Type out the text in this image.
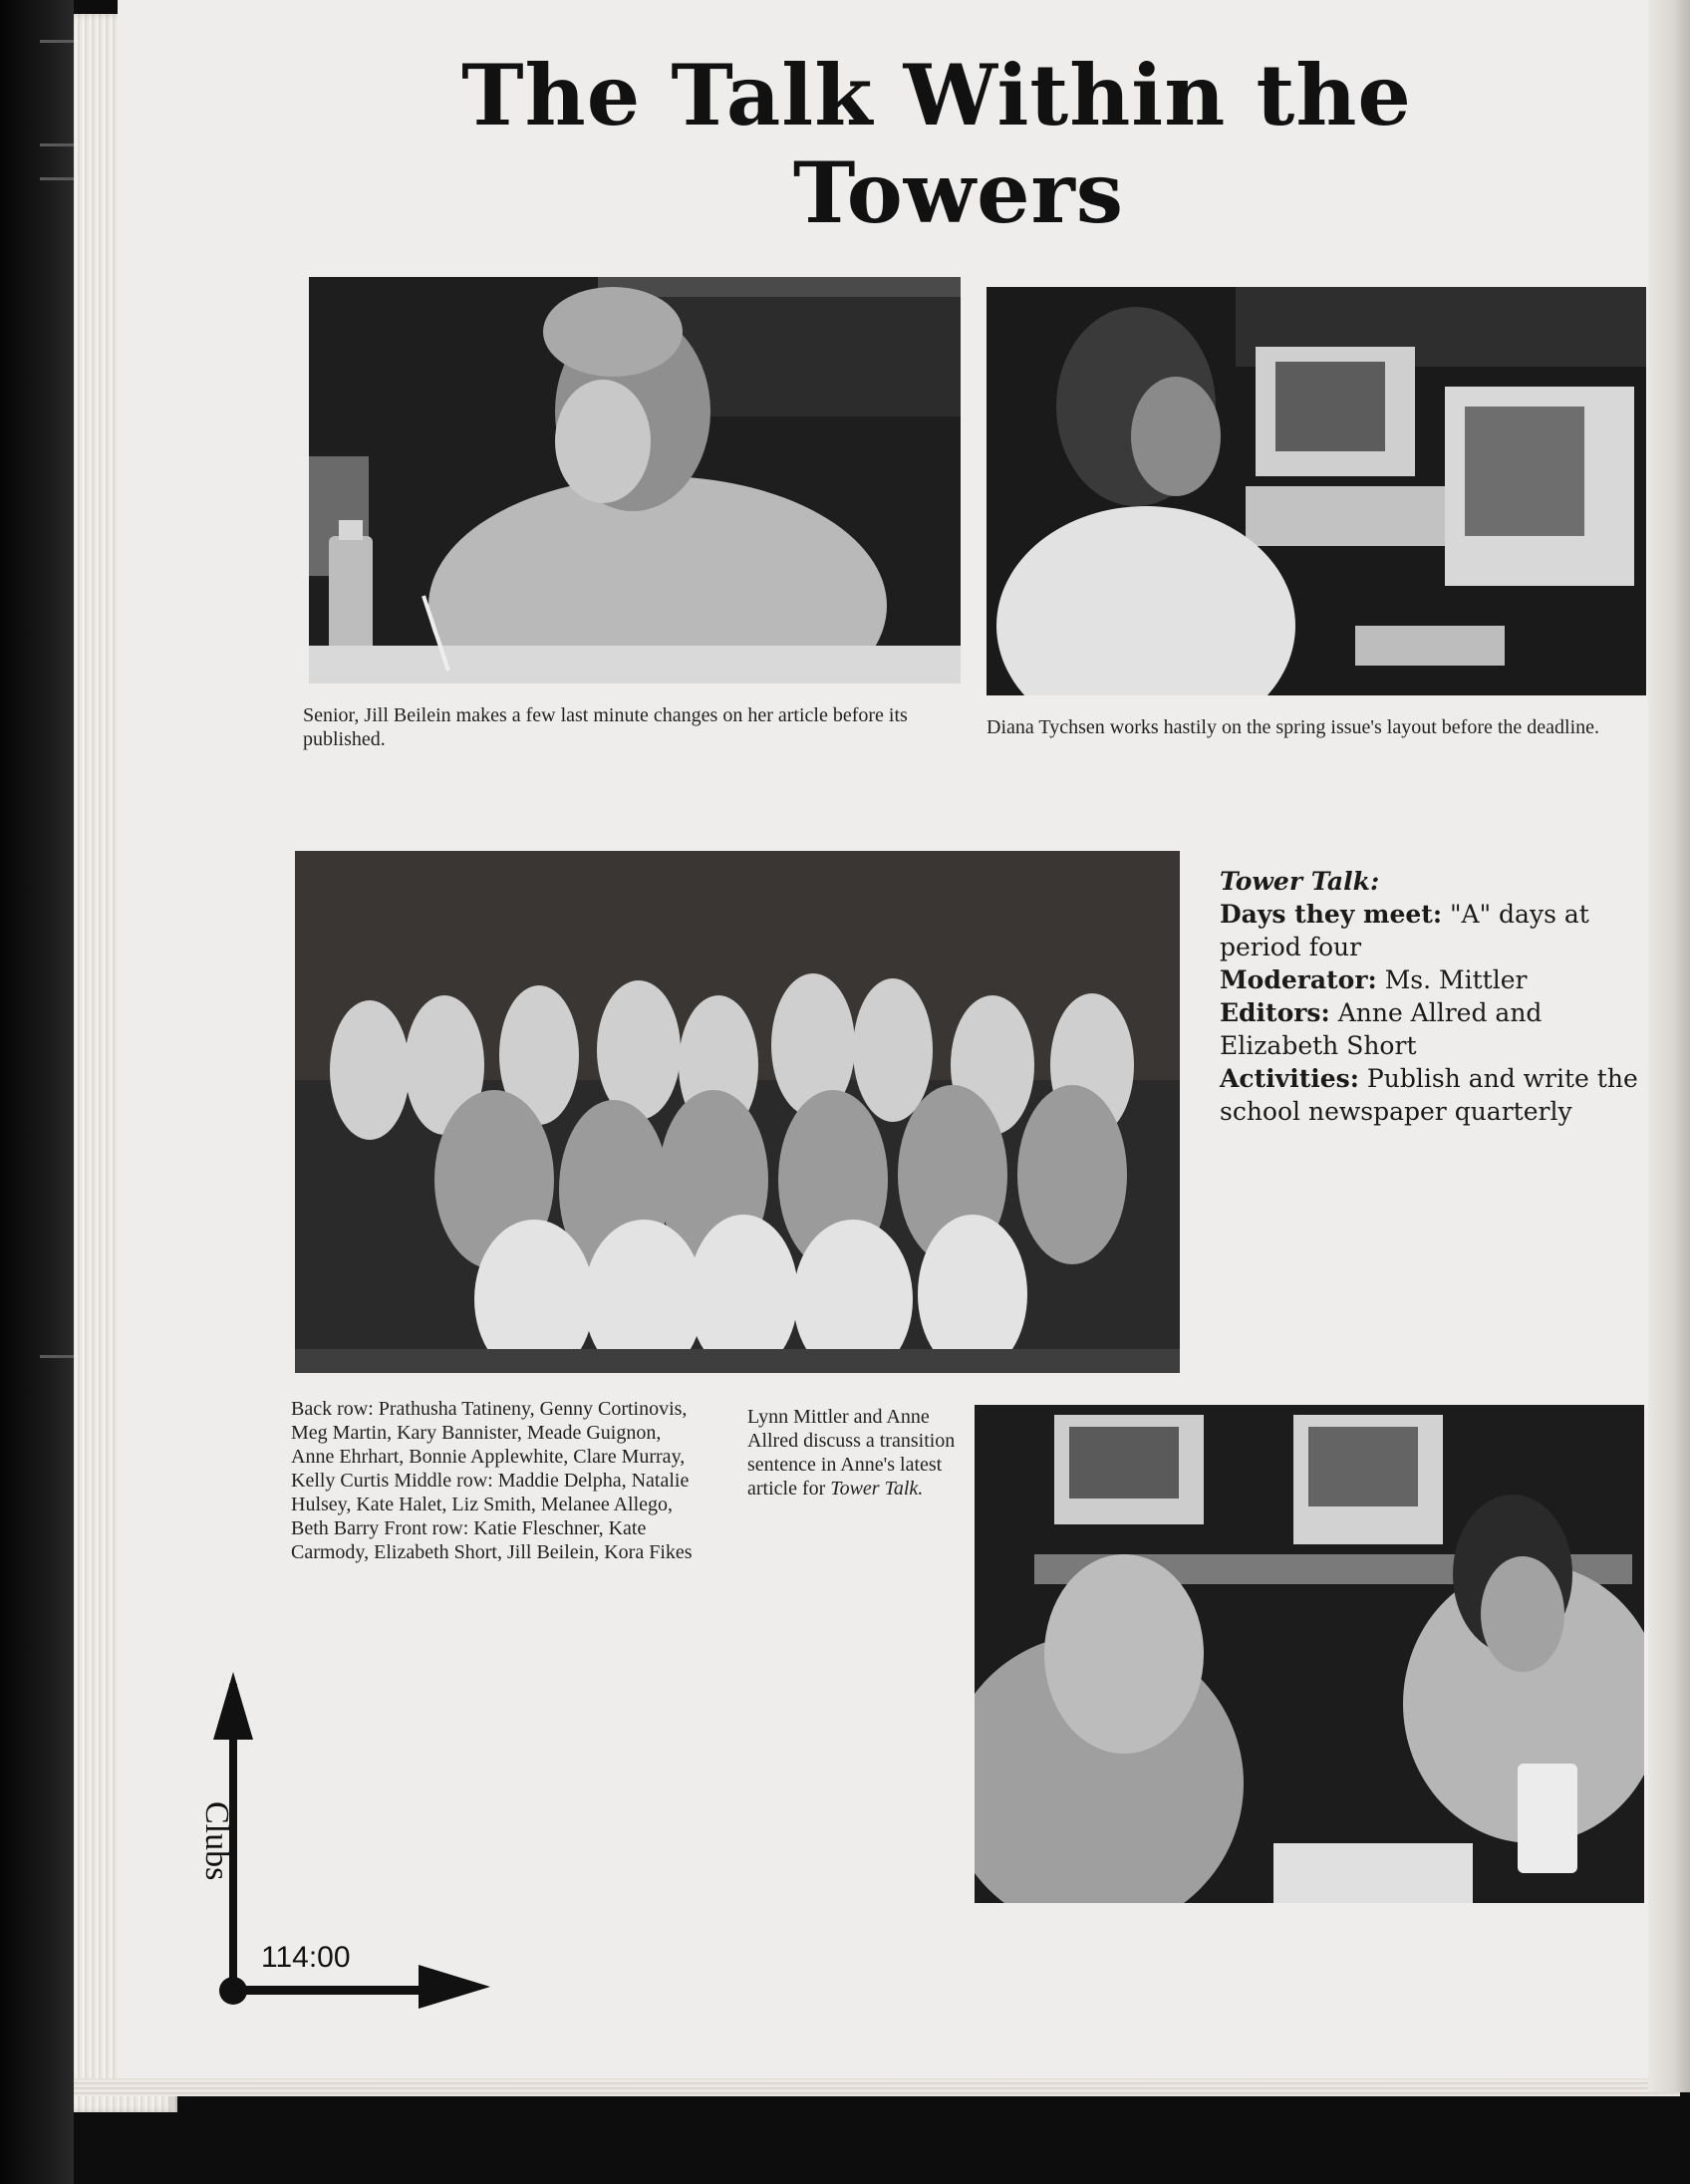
The Talk Within the
Towers
Senior, Jill Beilein makes a few last minute changes on her article before its published.
Diana Tychsen works hastily on the spring issue's layout before the deadline.
Back row: Prathusha Tatineny, Genny Cortinovis, Meg Martin, Kary Bannister, Meade Guignon, Anne Ehrhart, Bonnie Applewhite, Clare Murray, Kelly Curtis Middle row: Maddie Delpha, Natalie Hulsey, Kate Halet, Liz Smith, Melanee Allego, Beth Barry Front row: Katie Fleschner, Kate Carmody, Elizabeth Short, Jill Beilein, Kora Fikes
Tower Talk:
Days they meet: "A" days at period four
Moderator: Ms. Mittler
Editors: Anne Allred and Elizabeth Short
Activities: Publish and write the school newspaper quarterly
Lynn Mittler and Anne Allred discuss a transition sentence in Anne's latest article for Tower Talk.
Clubs
114:00
